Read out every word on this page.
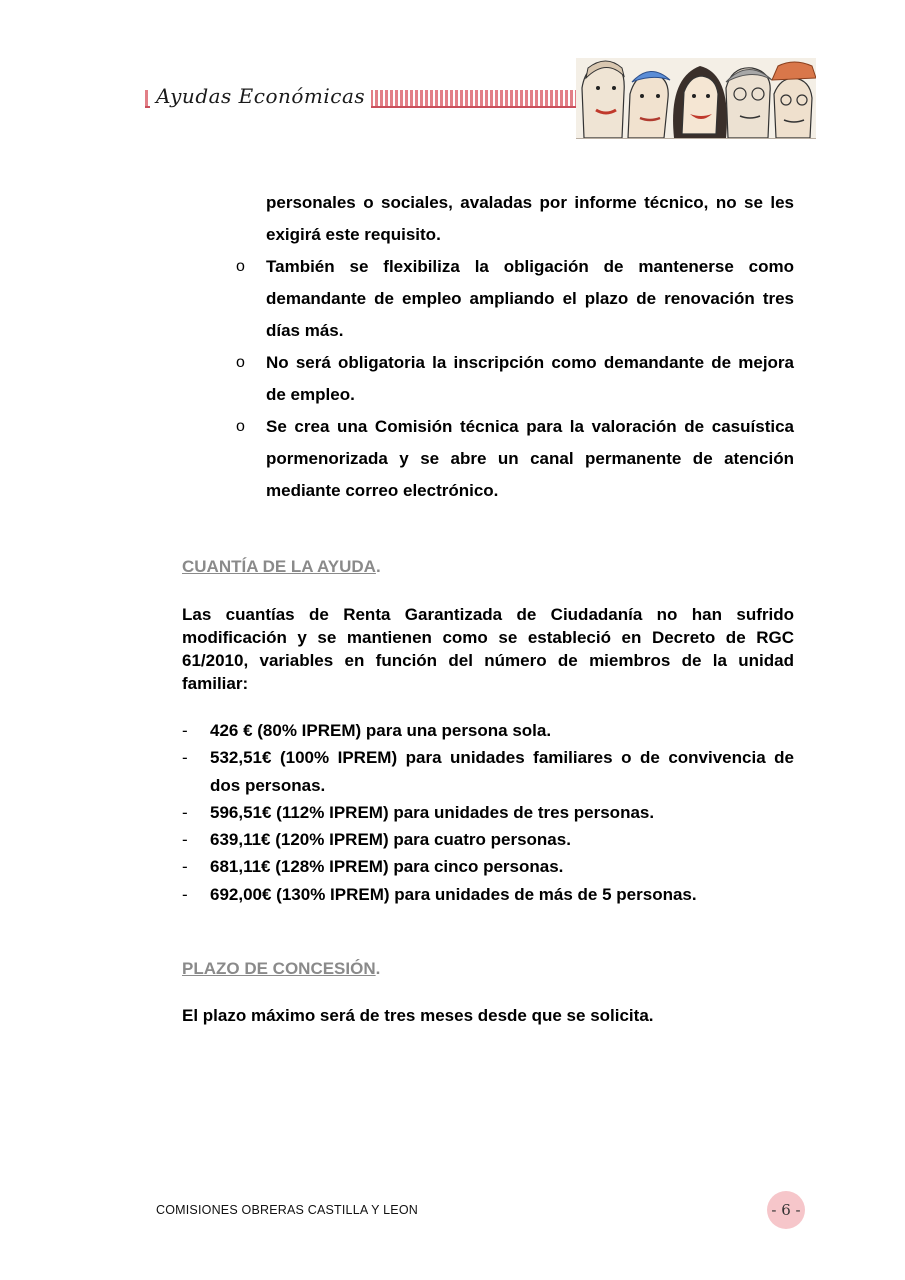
Ayudas Económicas
personales o sociales, avaladas por informe técnico, no se les exigirá este requisito.
o También se flexibiliza la obligación de mantenerse como demandante de empleo ampliando el plazo de renovación tres días más.
o No será obligatoria la inscripción como demandante de mejora de empleo.
o Se crea una Comisión técnica para la valoración de casuística pormenorizada y se abre un canal permanente de atención mediante correo electrónico.
CUANTÍA DE LA AYUDA.
Las cuantías de Renta Garantizada de Ciudadanía no han sufrido modificación y se mantienen como se estableció en Decreto de RGC 61/2010, variables en función del número de miembros de la unidad familiar:
- 426 € (80% IPREM) para una persona sola.
- 532,51€ (100% IPREM) para unidades familiares o de convivencia de dos personas.
- 596,51€ (112% IPREM) para unidades de tres personas.
- 639,11€ (120% IPREM) para cuatro personas.
- 681,11€ (128% IPREM) para cinco personas.
- 692,00€ (130% IPREM) para unidades de más de 5 personas.
PLAZO DE CONCESIÓN.
El plazo máximo será de tres meses desde que se solicita.
COMISIONES OBRERAS CASTILLA Y LEON	- 6 -
